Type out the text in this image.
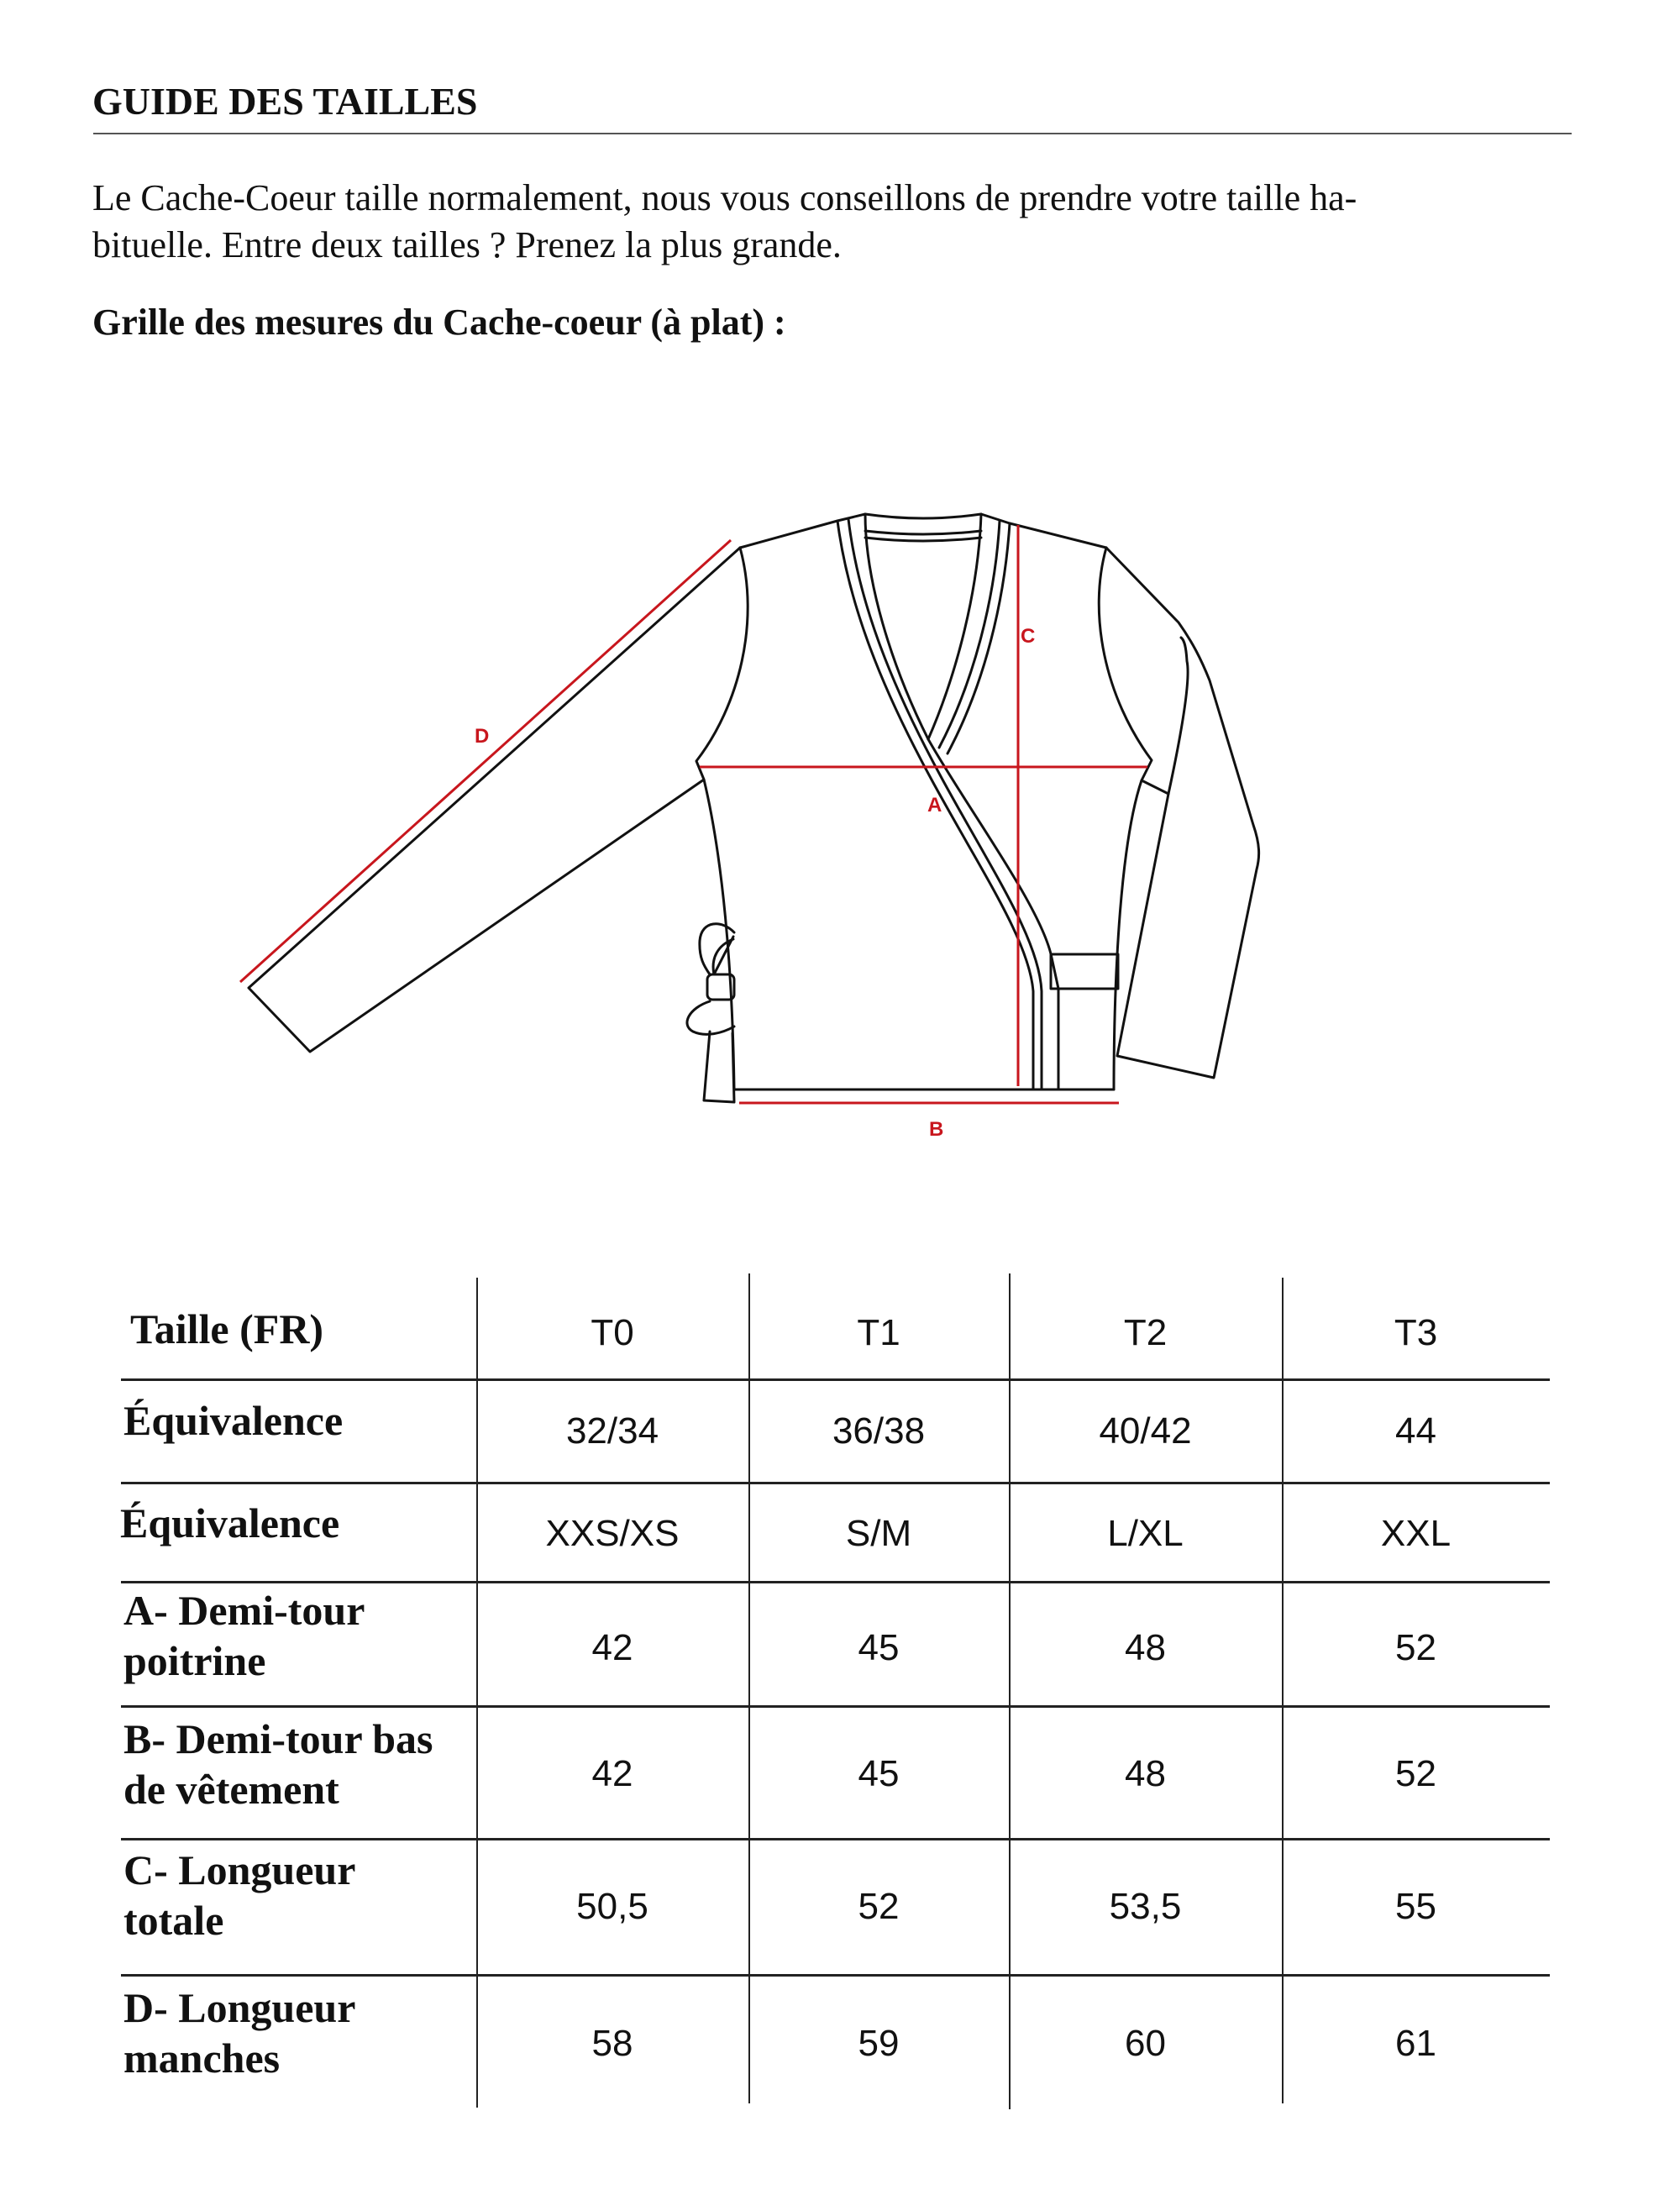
GUIDE DES TAILLES

Le Cache-Coeur taille normalement, nous vous conseillons de prendre votre taille ha-
bituelle. Entre deux tailles ? Prenez la plus grande.

Grille des mesures du Cache-coeur (à plat) :
D
A
C
B
Taille (FR)	T0	T1	T2	T3
Équivalence	32/34	36/38	40/42	44
Équivalence	XXS/XS	S/M	L/XL	XXL
A- Demi-tour
poitrine	42	45	48	52
B- Demi-tour bas
de vêtement	42	45	48	52
C- Longueur
totale	50,5	52	53,5	55
D- Longueur
manches	58	59	60	61
